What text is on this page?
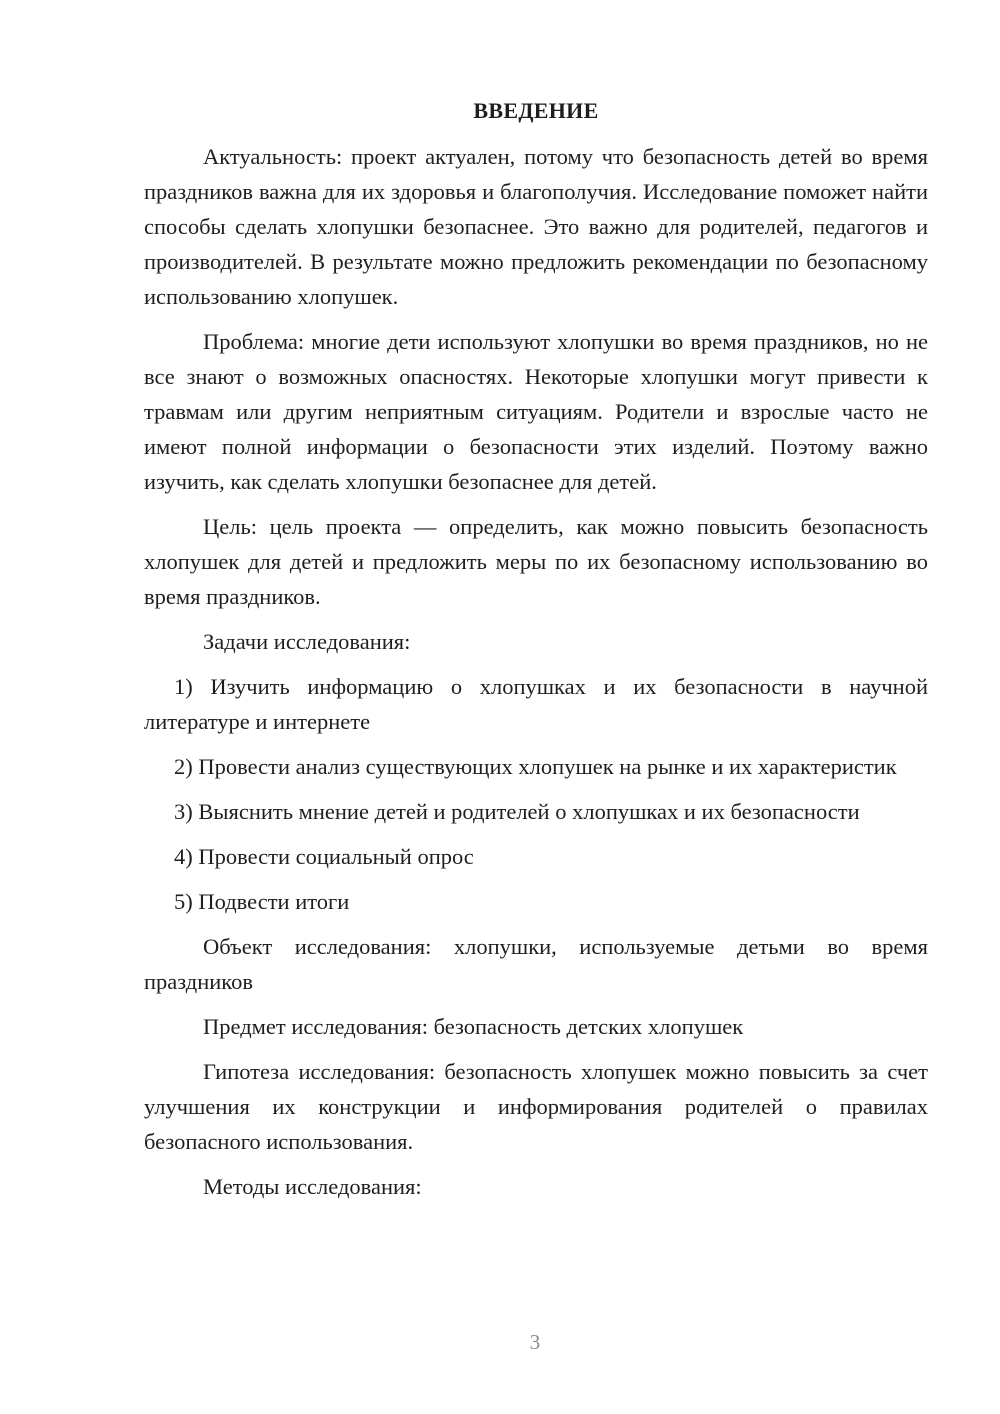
ВВЕДЕНИЕ

Актуальность: проект актуален, потому что безопасность детей во время праздников важна для их здоровья и благополучия. Исследование поможет найти способы сделать хлопушки безопаснее. Это важно для родителей, педагогов и производителей. В результате можно предложить рекомендации по безопасному использованию хлопушек.

Проблема: многие дети используют хлопушки во время праздников, но не все знают о возможных опасностях. Некоторые хлопушки могут привести к травмам или другим неприятным ситуациям. Родители и взрослые часто не имеют полной информации о безопасности этих изделий. Поэтому важно изучить, как сделать хлопушки безопаснее для детей.

Цель: цель проекта — определить, как можно повысить безопасность хлопушек для детей и предложить меры по их безопасному использованию во время праздников.

Задачи исследования:

1) Изучить информацию о хлопушках и их безопасности в научной литературе и интернете

2) Провести анализ существующих хлопушек на рынке и их характеристик

3) Выяснить мнение детей и родителей о хлопушках и их безопасности

4) Провести социальный опрос

5) Подвести итоги

Объект исследования: хлопушки, используемые детьми во время праздников

Предмет исследования: безопасность детских хлопушек

Гипотеза исследования: безопасность хлопушек можно повысить за счет улучшения их конструкции и информирования родителей о правилах безопасного использования.

Методы исследования:

3
